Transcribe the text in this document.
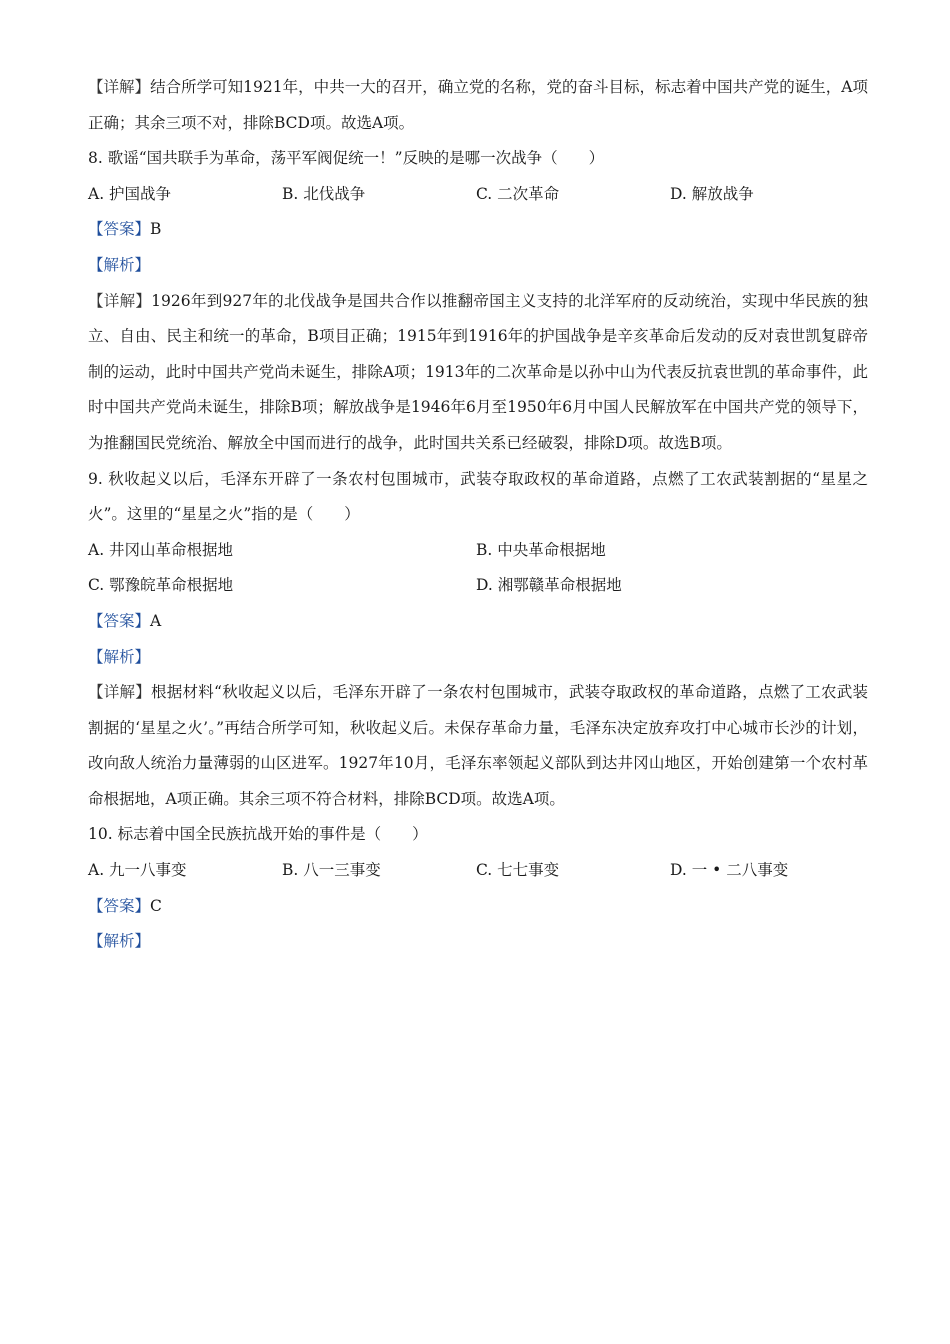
【详解】结合所学可知1921年，中共一大的召开，确立党的名称，党的奋斗目标，标志着中国共产党的诞生，A项正确；其余三项不对，排除BCD项。故选A项。
8. 歌谣“国共联手为革命，荡平军阀促统一！”反映的是哪一次战争（　　）
A. 护国战争	B. 北伐战争	C. 二次革命	D. 解放战争
【答案】B
【解析】
【详解】1926年到927年的北伐战争是国共合作以推翻帝国主义支持的北洋军府的反动统治，实现中华民族的独立、自由、民主和统一的革命，B项目正确；1915年到1916年的护国战争是辛亥革命后发动的反对袁世凯复辟帝制的运动，此时中国共产党尚未诞生，排除A项；1913年的二次革命是以孙中山为代表反抗袁世凯的革命事件，此时中国共产党尚未诞生，排除B项；解放战争是1946年6月至1950年6月中国人民解放军在中国共产党的领导下，为推翻国民党统治、解放全中国而进行的战争，此时国共关系已经破裂，排除D项。故选B项。
9. 秋收起义以后，毛泽东开辟了一条农村包围城市，武装夺取政权的革命道路，点燃了工农武装割据的“星星之火”。这里的“星星之火”指的是（　　）
A. 井冈山革命根据地	B. 中央革命根据地
C. 鄂豫皖革命根据地	D. 湘鄂赣革命根据地
【答案】A
【解析】
【详解】根据材料“秋收起义以后，毛泽东开辟了一条农村包围城市，武装夺取政权的革命道路，点燃了工农武装割据的‘星星之火’。”再结合所学可知，秋收起义后。未保存革命力量，毛泽东决定放弃攻打中心城市长沙的计划，改向敌人统治力量薄弱的山区进军。1927年10月，毛泽东率领起义部队到达井冈山地区，开始创建第一个农村革命根据地，A项正确。其余三项不符合材料，排除BCD项。故选A项。
10. 标志着中国全民族抗战开始的事件是（　　）
A. 九一八事变	B. 八一三事变	C. 七七事变	D. 一 • 二八事变
【答案】C
【解析】
